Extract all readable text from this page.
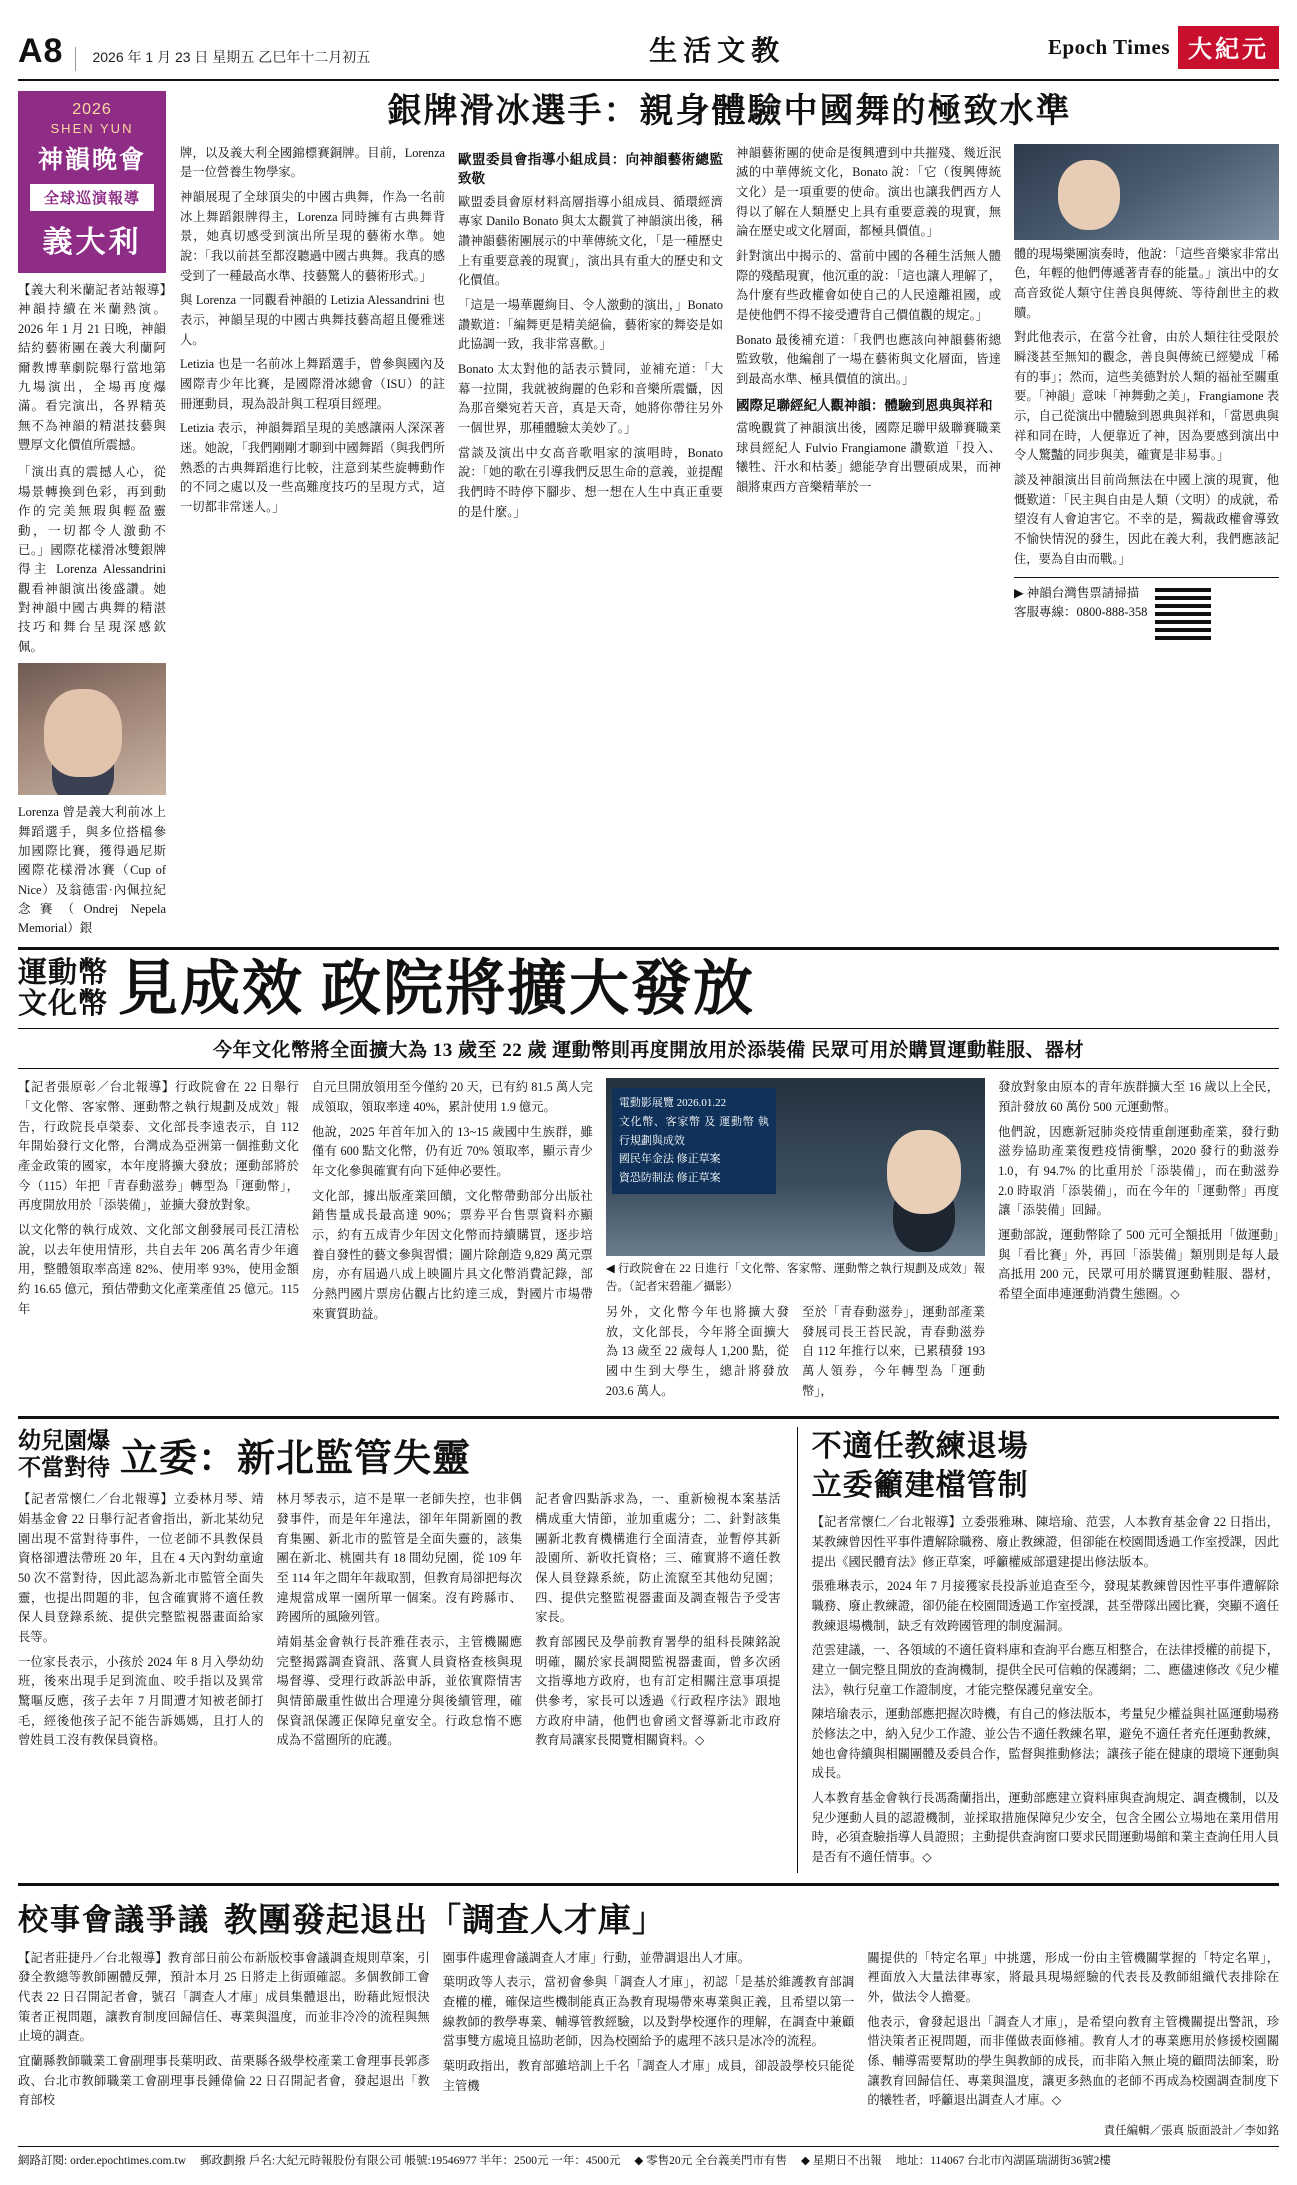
A8	2026 年 1 月 23 日 星期五 乙巳年十二月初五	生活文教	Epoch Times 大紀元
2026
SHEN YUN
神韻晚會
全球巡演報導
義大利
【義大利米蘭記者站報導】神韻持續在米蘭熱演。2026 年 1 月 21 日晚，神韻結約藝術團在義大利蘭阿爾教博華劇院舉行當地第九場演出，全場再度爆滿。看完演出，各界精英無不為神韻的精湛技藝與豐厚文化價值所震撼。
「演出真的震撼人心，從場景轉換到色彩，再到動作的完美無瑕與輕盈靈動，一切都令人激動不已。」國際花樣滑冰雙銀牌得主 Lorenza Alessandrini 觀看神韻演出後盛讚。她對神韻中國古典舞的精湛技巧和舞台呈現深感欽佩。
Lorenza 曾是義大利前冰上舞蹈選手，與多位搭檔參加國際比賽，獲得過尼斯國際花樣滑冰賽（Cup of Nice）及翁德雷·內佩拉紀念賽（Ondrej Nepela Memorial）銀
銀牌滑冰選手：親身體驗中國舞的極致水準

牌，以及義大利全國錦標賽銅牌。目前，Lorenza 是一位營養生物學家。

神韻展現了全球頂尖的中國古典舞，作為一名前冰上舞蹈銀牌得主，Lorenza 同時擁有古典舞背景，她真切感受到演出所呈現的藝術水準。她說：「我以前甚至都沒聽過中國古典舞。我真的感受到了一種最高水準、技藝驚人的藝術形式。」

與 Lorenza 一同觀看神韻的 Letizia Alessandrini 也表示，神韻呈現的中國古典舞技藝高超且優雅迷人。

Letizia 也是一名前冰上舞蹈選手，曾參與國內及國際青少年比賽，是國際滑冰總會（ISU）的註冊運動員，現為設計與工程項目經理。

Letizia 表示，神韻舞蹈呈現的美感讓兩人深深著迷。她說，「我們剛剛才聊到中國舞蹈（與我們所熟悉的古典舞蹈進行比較，注意到某些旋轉動作的不同之處以及一些高難度技巧的呈現方式，這一切都非常迷人。」

歐盟委員會指導小組成員：向神韻藝術總監致敬

歐盟委員會原材料高層指導小組成員、循環經濟專家 Danilo Bonato 與太太觀賞了神韻演出後，稱讚神韻藝術團展示的中華傳統文化，「是一種歷史上有重要意義的現實」，演出具有重大的歷史和文化價值。

「這是一場華麗絢目、令人激動的演出，」Bonato 讚歎道：「編舞更是精美絕倫，藝術家的舞姿是如此協調一致，我非常喜歡。」

Bonato 太太對他的話表示贊同，並補充道：「大幕一拉開，我就被絢麗的色彩和音樂所震懾，因為那音樂宛若天音，真是天奇，她將你帶往另外一個世界，那種體驗太美妙了。」

當談及演出中女高音歌唱家的演唱時，Bonato 說：「她的歌在引導我們反思生命的意義，並提醒我們時不時停下腳步、想一想在人生中真正重要的是什麼。」

神韻藝術團的使命是復興遭到中共摧殘、幾近泯滅的中華傳統文化，Bonato 說：「它（復興傳統文化）是一項重要的使命。演出也讓我們西方人得以了解在人類歷史上具有重要意義的現實，無論在歷史或文化層面，都極具價值。」

針對演出中揭示的、當前中國的各種生活無人體際的殘酷現實，他沉重的說：「這也讓人理解了，為什麼有些政權會如使自己的人民遠離祖國，或是使他們不得不接受遭背自己價值觀的規定。」

Bonato 最後補充道：「我們也應該向神韻藝術總監致敬，他編創了一場在藝術與文化層面，皆達到最高水準、極具價值的演出。」

國際足聯經紀人觀神韻：體驗到恩典與祥和

當晚觀賞了神韻演出後，國際足聯甲級聯賽職業球員經紀人 Fulvio Frangiamone 讚歎道「投入、犧牲、汗水和枯萎」總能孕育出豐碩成果，而神韻將東西方音樂精華於一

體的現場樂團演奏時，他說：「這些音樂家非常出色，年輕的他們傳遞著青春的能量。」演出中的女高音致從人類守住善良與傳統、等待創世主的救贖。

對此他表示，在當今社會，由於人類往往受限於瞬淺甚至無知的觀念，善良與傳統已經變成「稀有的事」；然而，這些美德對於人類的福祉至關重要。「神韻」意味「神舞動之美」，Frangiamone 表示，自己從演出中體驗到恩典與祥和，「當恩典與祥和同在時，人便靠近了神，因為要感到演出中令人驚豔的同步與美，確實是非易事。」

談及神韻演出目前尚無法在中國上演的現實，他慨歎道：「民主與自由是人類（文明）的成就，希望沒有人會迫害它。不幸的是，獨裁政權會導致不愉快情況的發生，因此在義大利，我們應該記住，要為自由而戰。」

▶ 神韻台灣售票請掃描
客服專線：0800-888-358
運動幣
文化幣 見成效 政院將擴大發放
今年文化幣將全面擴大為 13 歲至 22 歲 運動幣則再度開放用於添裝備 民眾可用於購買運動鞋服、器材

【記者張原彰／台北報導】行政院會在 22 日舉行「文化幣、客家幣、運動幣之執行規劃及成效」報告，行政院長卓榮泰、文化部長李遠表示，自 112 年開始發行文化幣，台灣成為亞洲第一個推動文化產金政策的國家，本年度將擴大發放；運動部將於今（115）年把「青春動滋券」轉型為「運動幣」，再度開放用於「添裝備」，並擴大發放對象。

以文化幣的執行成效、文化部文創發展司長江清松說，以去年使用情形，共自去年 206 萬名青少年適用，整體領取率高達 82%、使用率 93%，使用金額約 16.65 億元，預估帶動文化產業產值 25 億元。115 年

自元旦開放領用至今僅約 20 天，已有約 81.5 萬人完成領取，領取率達 40%，累計使用 1.9 億元。

他說，2025 年首年加入的 13~15 歲國中生族群，雖僅有 600 點文化幣，仍有近 70% 領取率，顯示青少年文化參與確實有向下延伸必要性。

文化部，據出版產業回饋，文化幣帶動部分出版社銷售量成長最高達 90%；票券平台售票資料亦顯示，約有五成青少年因文化幣而持續購買，逐步培養自發性的藝文參與習慣；圖片除創造 9,829 萬元票房，亦有屆過八成上映圖片具文化幣消費記錄，部分熱門國片票房佔觀占比約達三成，對國片市場帶來實質助益。

電動影展覽 2026.01.22
文化幣、客家幣 及 運動幣 執行規劃與成效
國民年金法 修正草案
資恐防制法 修正草案
◀ 行政院會在 22 日進行「文化幣、客家幣、運動幣之執行規劃及成效」報告。（記者宋碧龍／攝影）

另外，文化幣今年也將擴大發放，文化部長，今年將全面擴大為 13 歲至 22 歲每人 1,200 點，從國中生到大學生，總計將發放 203.6 萬人。

至於「青春動滋券」，運動部產業發展司長王苔民說，青春動滋券自 112 年推行以來，已累積發 193 萬人領券，今年轉型為「運動幣」，

發放對象由原本的青年族群擴大至 16 歲以上全民，預計發放 60 萬份 500 元運動幣。

他們說，因應新冠肺炎疫情重創運動產業，發行動滋券協助產業復甦疫情衝擊，2020 發行的動滋券 1.0，有 94.7% 的比重用於「添裝備」，而在動滋券 2.0 時取消「添裝備」，而在今年的「運動幣」再度讓「添裝備」回歸。

運動部說，運動幣除了 500 元可全額抵用「做運動」與「看比賽」外，再回「添裝備」類別則是每人最高抵用 200 元，民眾可用於購買運動鞋服、器材，希望全面串連運動消費生態圈。◇

幼兒園爆
不當對待 立委：新北監管失靈

【記者常懷仁／台北報導】立委林月琴、靖娟基金會 22 日舉行記者會指出，新北某幼兒園出現不當對待事件，一位老師不具教保員資格卻遭法帶班 20 年，且在 4 天內對幼童逾 50 次不當對待，因此認為新北市監管全面失靈，也提出問題的非，包含確實將不適任教保人員登錄系統、提供完整監視器畫面給家長等。

一位家長表示，小孩於 2024 年 8 月入學幼幼班，後來出現手足到流血、咬手指以及異常驚嘔反應，孩子去年 7 月間遭才知被老師打毛，經後他孩子記不能告訴媽媽，且打人的曾姓員工沒有教保員資格。

林月琴表示，這不是單一老師失控，也非偶發事件，而是年年違法，卻年年開新園的教育集團、新北市的監管是全面失靈的，該集團在新北、桃園共有 18 間幼兒園，從 109 年至 114 年之間年年裁取罰，但教育局卻把每次違規當成單一園所單一個案。沒有跨縣市、跨國所的風險列管。

靖娟基金會執行長許雅荏表示，主管機關應完整揭露調查資訊、落實人員資格查核與現場督導、受理行政訴訟申訴，並依實際情害與情節嚴重性做出合理違分與後續管理，確保資訊保護正保障兒童安全。行政怠惰不應成為不當圈所的庇護。

記者會四點訴求為，一、重新檢視本案基活構成重大情節，並加重處分；二、針對該集團新北教育機構進行全面清查，並暫停其新設園所、新收托資格；三、確實將不適任教保人員登錄系統，防止流竄至其他幼兒園；四、提供完整監視器畫面及調查報告予受害家長。

教育部國民及學前教育署學的組科長陳銘說明確，關於家長調閱監視器畫面，曾多次函文指導地方政府，也有訂定相關注意事項提供參考，家長可以透過《行政程序法》跟地方政府申請，他們也會函文督導新北市政府教育局讓家長閱覽相關資料。◇

不適任教練退場
立委籲建檔管制

【記者常懷仁／台北報導】立委張雅琳、陳培瑜、范雲，人本教育基金會 22 日指出，某教練曾因性平事件遭解除職務、廢止教練證，但卻能在校園間透過工作室授課，因此提出《國民體育法》修正草案，呼籲權威部還建提出修法版本。

張雅琳表示，2024 年 7 月接獲家長投訴並追查至今，發現某教練曾因性平事件遭解除職務、廢止教練證，卻仍能在校園間透過工作室授課，甚至帶隊出國比賽，突顯不適任教練退場機制，缺乏有效跨國管理的制度漏洞。

范雲建議，一、各領域的不適任資料庫和查詢平台應互相整合，在法律授權的前提下，建立一個完整且開放的查詢機制，提供全民可信賴的保護網；二、應儘速修改《兒少權法》，執行兒童工作證制度，才能完整保護兒童安全。

陳培瑜表示，運動部應把握次時機，有自己的修法版本，考量兒少權益與社區運動場務於修法之中，納入兒少工作證、並公告不適任教練名單，避免不適任者充任運動教練，她也會待續與相關團體及委員合作，監督與推動修法；讓孩子能在健康的環境下運動與成長。

人本教育基金會執行長馮喬蘭指出，運動部應建立資料庫與查詢規定、調查機制，以及兒少運動人員的認證機制，並採取措施保障兒少安全，包含全國公立場地在業用借用時，必須查驗指導人員證照；主動提供查詢窗口要求民間運動場館和業主查詢任用人員是否有不適任情事。◇

校事會議爭議 教團發起退出「調查人才庫」

【記者莊捷丹／台北報導】教育部日前公布新版校事會議調查規則草案，引發全教總等教師團體反彈，預計本月 25 日將走上街頭確認。多個教師工會代表 22 日召開記者會，號召「調查人才庫」成員集體退出，盼藉此短恨決策者正視問題，讓教育制度回歸信任、專業與溫度，而並非冷冷的流程與無止境的調查。

宜蘭縣教師職業工會副理事長葉明政、苗栗縣各級學校產業工會理事長郭彥政、台北市教師職業工會副理事長鍾偉倫 22 日召開記者會，發起退出「教育部校

園事件處理會議調查人才庫」行動，並帶調退出人才庫。

葉明政等人表示，當初會參與「調查人才庫」，初認「是基於維護教育部調查權的權，確保這些機制能真正為教育現場帶來專業與正義，且希望以第一線教師的教學專業、輔導管教經驗，以及對學校運作的理解，在調查中兼顧當事雙方處境且協助老師，因為校園給予的處理不該只是冰冷的流程。

葉明政指出，教育部雖培訓上千名「調查人才庫」成員，卻設設學校只能從主管機

關提供的「特定名單」中挑選，形成一份由主管機關掌握的「特定名單」，裡面放入大量法律專家，將最具現場經驗的代表長及教師組織代表排除在外，做法令人擔憂。

他表示，會發起退出「調查人才庫」，是希望向教育主管機關提出警訊，珍惜決策者正視問題，而非僅做表面修補。教育人才的專業應用於修援校園關係、輔導需要幫助的學生與教師的成長，而非陷入無止境的顧問法師案，盼讓教育回歸信任、專業與溫度，讓更多熱血的老師不再成為校園調查制度下的犧牲者，呼籲退出調查人才庫。◇

責任編輯／張真 版面設計／李如銘
網路訂閱: order.epochtimes.com.tw 郵政劃撥 戶名:大紀元時報股份有限公司 帳號:19546977 半年：2500元 一年：4500元 ◆ 零售20元 全台義美門市有售 ◆ 星期日不出報 地址：114067 台北市內湖區瑞湖街36號2樓
